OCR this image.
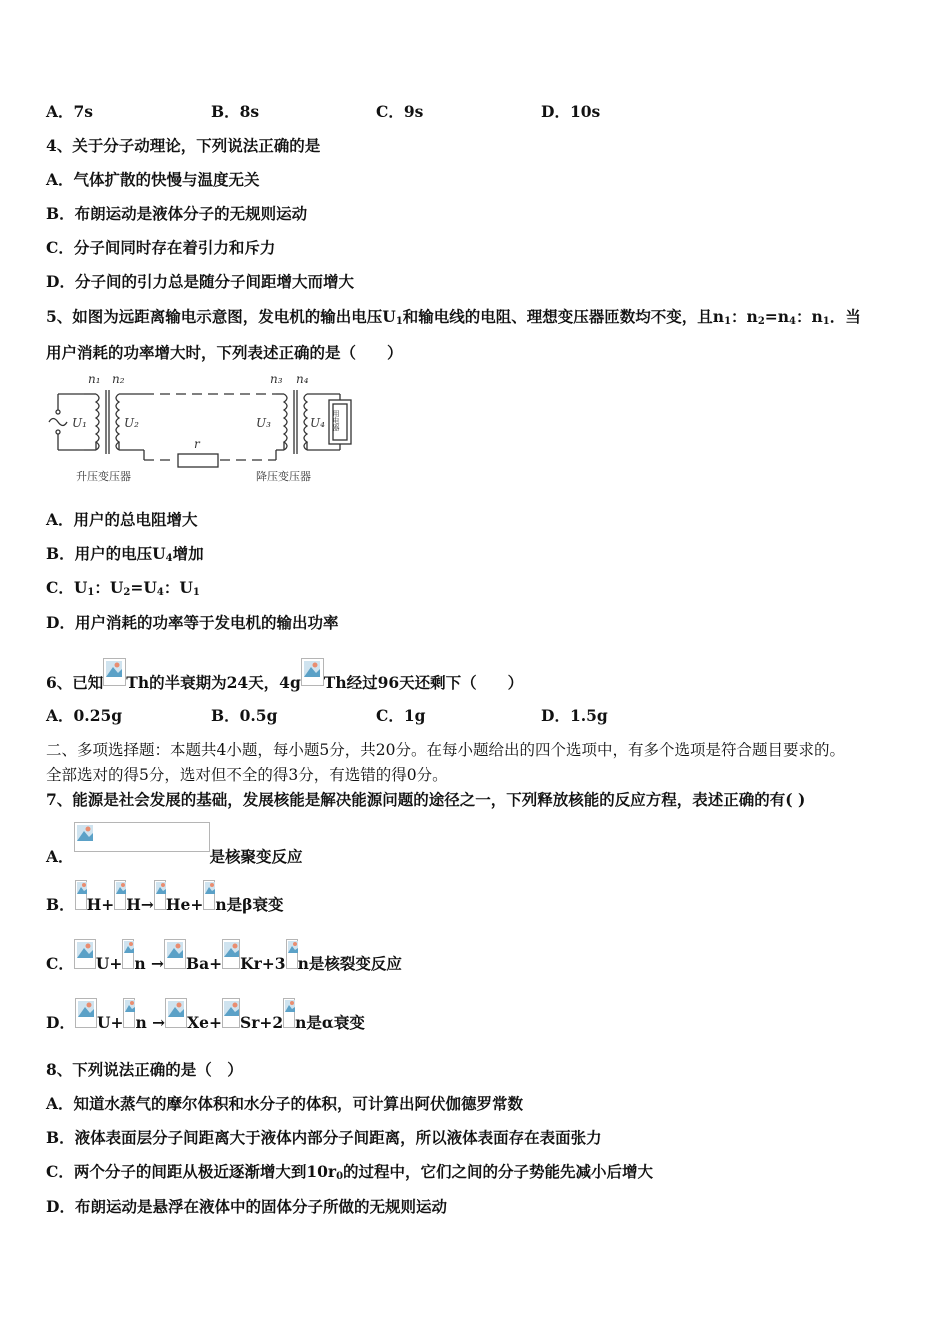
A．7s	B．8s	C．9s	D．10s
4、关于分子动理论，下列说法正确的是
A．气体扩散的快慢与温度无关
B．布朗运动是液体分子的无规则运动
C．分子间同时存在着引力和斥力
D．分子间的引力总是随分子间距增大而增大
5、如图为远距离输电示意图，发电机的输出电压$U_1$和输电线的电阻、理想变压器匝数均不变，且$n_1$：$n_2=n_4$：$n_1$．当
用户消耗的功率增大时，下列表述正确的是（　　）
n₁ n₂	n₃ n₄
U₁	U₂	U₃	U₄
r
升压变压器	降压变压器
用电器
A．用户的总电阻增大
B．用户的电压$U_4$增加
C．$U_1$：$U_2=U_4$：$U_1$
D．用户消耗的功率等于发电机的输出功率
6、已知 Th的半衰期为24天，4g Th经过96天还剩下（　　）
A．0.25g	B．0.5g	C．1g	D．1.5g
二、多项选择题：本题共4小题，每小题5分，共20分。在每小题给出的四个选项中，有多个选项是符合题目要求的。
全部选对的得5分，选对但不全的得3分，有选错的得0分。
7、能源是社会发展的基础，发展核能是解决能源问题的途径之一，下列释放核能的反应方程，表述正确的有( )
A．	是核聚变反应
B． H+ H→ He+ n是β衰变
C． U+ n → Ba+ Kr+3 n是核裂变反应
D． U+ n → Xe+ Sr+2 n是α衰变
8、下列说法正确的是（　）
A．知道水蒸气的摩尔体积和水分子的体积，可计算出阿伏伽德罗常数
B．液体表面层分子间距离大于液体内部分子间距离，所以液体表面存在表面张力
C．两个分子的间距从极近逐渐增大到$10r_0$的过程中，它们之间的分子势能先减小后增大
D．布朗运动是悬浮在液体中的固体分子所做的无规则运动
